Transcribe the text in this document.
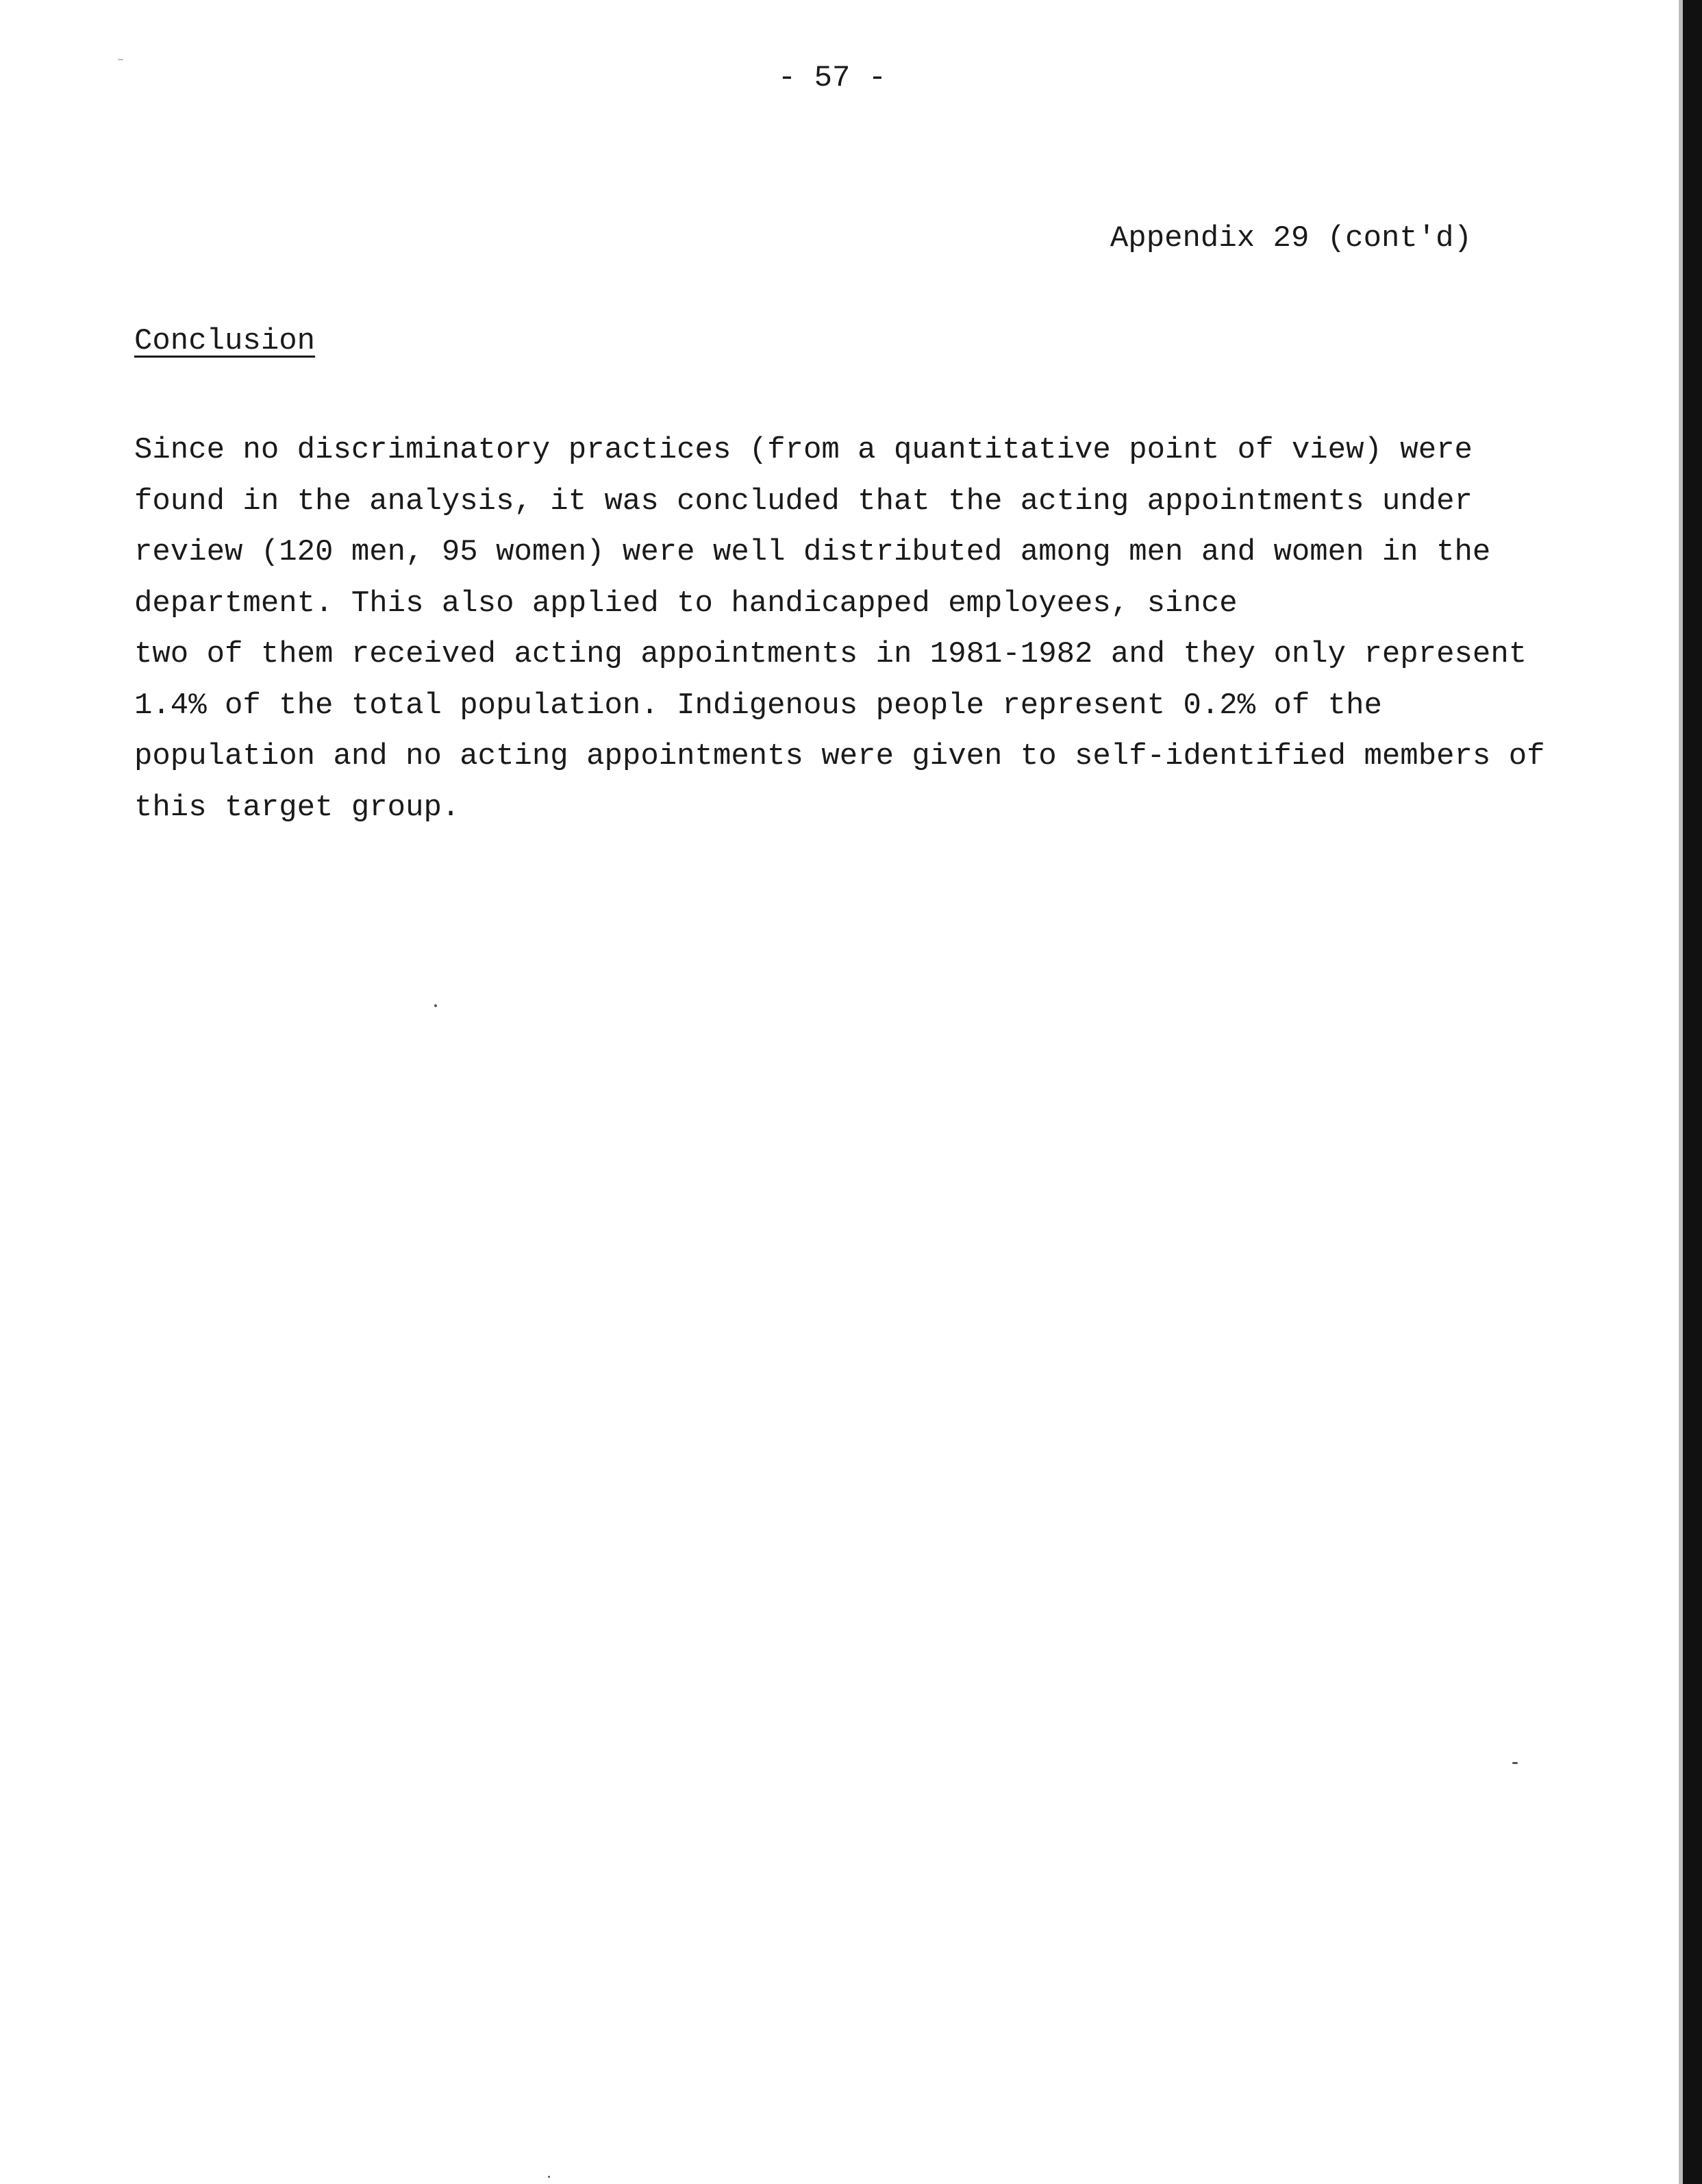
- 57 -
Appendix 29 (cont'd)
Conclusion
Since no discriminatory practices (from a quantitative point of view) were
found in the analysis, it was concluded that the acting appointments under
review (120 men, 95 women) were well distributed among men and women in the
department. This also applied to handicapped employees, since
two of them received acting appointments in 1981-1982 and they only represent
1.4% of the total population. Indigenous people represent 0.2% of the
population and no acting appointments were given to self-identified members of
this target group.
